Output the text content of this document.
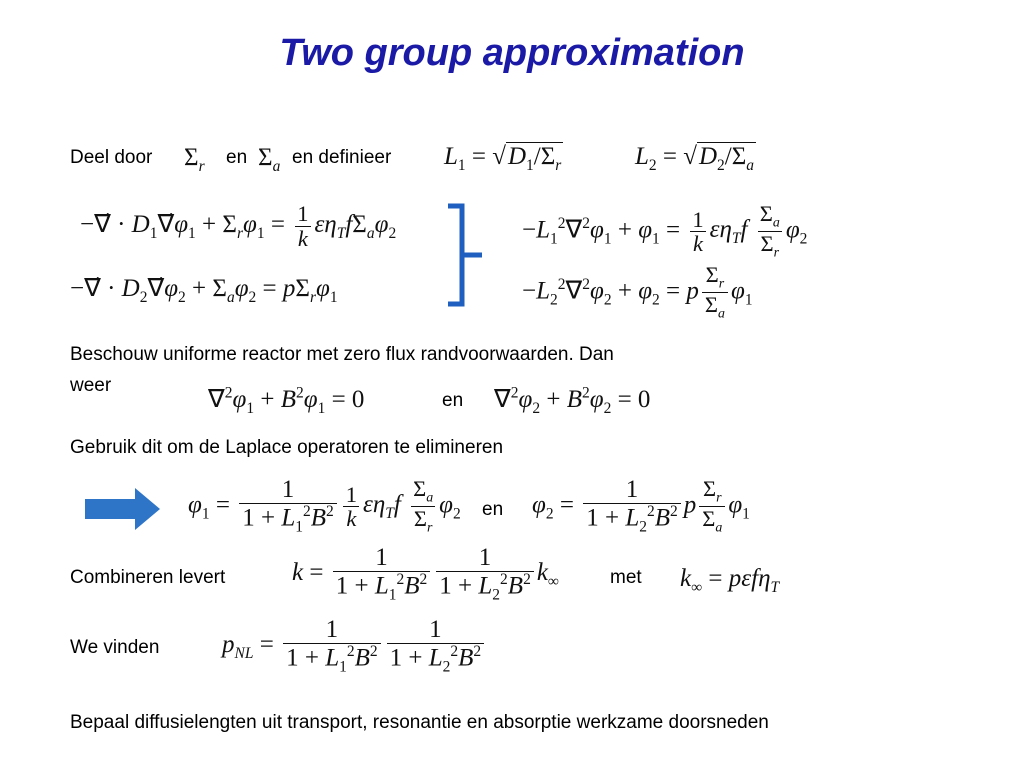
Two group approximation
Deel door $\Sigma_r$ en $\Sigma_a$ en definieer $L_1 = √D_1/\Sigma_r$	$L_2 = √D_2/\Sigma_a$
−∇⃗ · $D_1\nabla⃗\varphi_1 + \Sigma_r\varphi_1 = \frac{1}{k} \varepsilon\eta_Tf\Sigma_a\varphi_2$
−∇⃗ · $D_2\nabla⃗\varphi_2 + \Sigma_a\varphi_2 = p\Sigma_r\varphi_1$
$-L_1^2\nabla^2\varphi_1 + \varphi_1 = \frac{1}{k} \varepsilon\eta_Tf \frac{\Sigma_a}{\Sigma_r} \varphi_2$
$-L_2^2\nabla^2\varphi_2 + \varphi_2 = p \frac{\Sigma_r}{\Sigma_a} \varphi_1$
Beschouw uniforme reactor met zero flux randvoorwaarden. Dan
weer
$\nabla^2\varphi_1 + B^2\varphi_1 = 0$	en $\nabla^2\varphi_2 + B^2\varphi_2 = 0$
Gebruik dit om de Laplace operatoren te elimineren
$\varphi_1 = \frac{1}{1 + L_1^2B^2} \frac{1}{k} \varepsilon\eta_Tf \frac{\Sigma_a}{\Sigma_r} \varphi_2$ en $\varphi_2 = \frac{1}{1 + L_2^2B^2}$ p $\frac{\Sigma_r}{\Sigma_a} \varphi_1$
Combineren levert	$k = \frac{1}{1 + L_1^2B^2} \frac{1}{1 + L_2^2B^2} k_\infty$	met $k_\infty = p\varepsilon f\eta_T$
We vinden	$p_{NL} = \frac{1}{1 + L_1^2B^2} \frac{1}{1 + L_2^2B^2}$
Bepaal diffusielengten uit transport, resonantie en absorptie werkzame doorsneden
